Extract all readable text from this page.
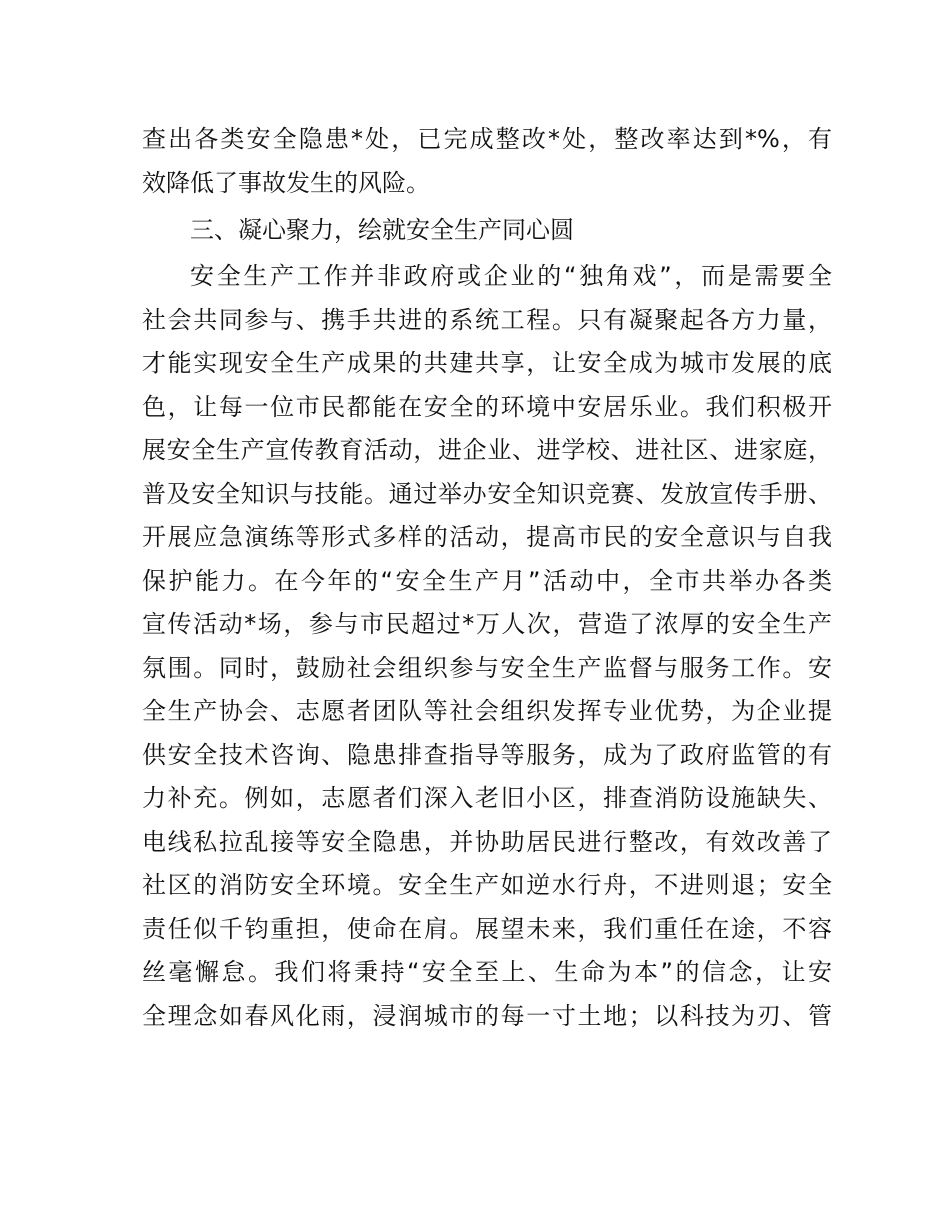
查出各类安全隐患*处，已完成整改*处，整改率达到*%，有
效降低了事故发生的风险。
三、凝心聚力，绘就安全生产同心圆
安全生产工作并非政府或企业的“独角戏”，而是需要全
社会共同参与、携手共进的系统工程。只有凝聚起各方力量，
才能实现安全生产成果的共建共享，让安全成为城市发展的底
色，让每一位市民都能在安全的环境中安居乐业。我们积极开
展安全生产宣传教育活动，进企业、进学校、进社区、进家庭，
普及安全知识与技能。通过举办安全知识竞赛、发放宣传手册、
开展应急演练等形式多样的活动，提高市民的安全意识与自我
保护能力。在今年的“安全生产月”活动中，全市共举办各类
宣传活动*场，参与市民超过*万人次，营造了浓厚的安全生产
氛围。同时，鼓励社会组织参与安全生产监督与服务工作。安
全生产协会、志愿者团队等社会组织发挥专业优势，为企业提
供安全技术咨询、隐患排查指导等服务，成为了政府监管的有
力补充。例如，志愿者们深入老旧小区，排查消防设施缺失、
电线私拉乱接等安全隐患，并协助居民进行整改，有效改善了
社区的消防安全环境。安全生产如逆水行舟，不进则退；安全
责任似千钧重担，使命在肩。展望未来，我们重任在途，不容
丝毫懈怠。我们将秉持“安全至上、生命为本”的信念，让安
全理念如春风化雨，浸润城市的每一寸土地；以科技为刃、管
